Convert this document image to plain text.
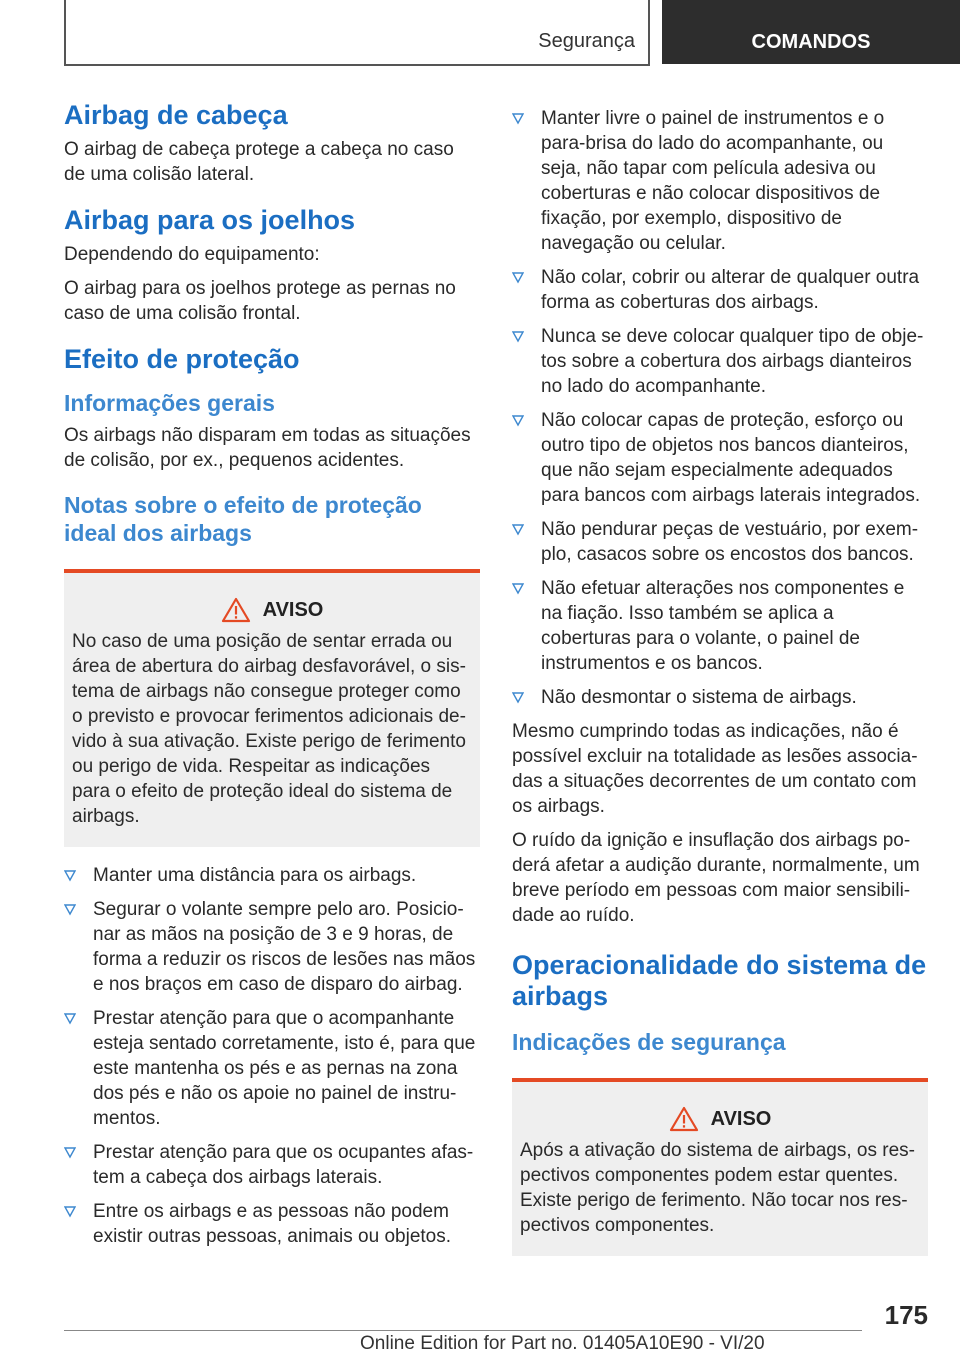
Segurança	COMANDOS
Airbag de cabeça

O airbag de cabeça protege a cabeça no caso de uma colisão lateral.

Airbag para os joelhos

Dependendo do equipamento:

O airbag para os joelhos protege as pernas no caso de uma colisão frontal.

Efeito de proteção
Informações gerais

Os airbags não disparam em todas as situações de colisão, por ex., pequenos acidentes.

Notas sobre o efeito de proteção ideal dos airbags
AVISO

No caso de uma posição de sentar errada ou área de abertura do airbag desfavorável, o sistema de airbags não consegue proteger como o previsto e provocar ferimentos adicionais devido à sua ativação. Existe perigo de ferimento ou perigo de vida. Respeitar as indicações para o efeito de proteção ideal do sistema de airbags.

Manter uma distância para os airbags.
Segurar o volante sempre pelo aro. Posicionar as mãos na posição de 3 e 9 horas, de forma a reduzir os riscos de lesões nas mãos e nos braços em caso de disparo do airbag.
Prestar atenção para que o acompanhante esteja sentado corretamente, isto é, para que este mantenha os pés e as pernas na zona dos pés e não os apoie no painel de instrumentos.
Prestar atenção para que os ocupantes afastem a cabeça dos airbags laterais.
Entre os airbags e as pessoas não podem existir outras pessoas, animais ou objetos.
Manter livre o painel de instrumentos e o para-brisa do lado do acompanhante, ou seja, não tapar com película adesiva ou coberturas e não colocar dispositivos de fixação, por exemplo, dispositivo de navegação ou celular.
Não colar, cobrir ou alterar de qualquer outra forma as coberturas dos airbags.
Nunca se deve colocar qualquer tipo de objetos sobre a cobertura dos airbags dianteiros no lado do acompanhante.
Não colocar capas de proteção, esforço ou outro tipo de objetos nos bancos dianteiros, que não sejam especialmente adequados para bancos com airbags laterais integrados.
Não pendurar peças de vestuário, por exemplo, casacos sobre os encostos dos bancos.
Não efetuar alterações nos componentes e na fiação. Isso também se aplica a coberturas para o volante, o painel de instrumentos e os bancos.
Não desmontar o sistema de airbags.

Mesmo cumprindo todas as indicações, não é possível excluir na totalidade as lesões associadas a situações decorrentes de um contato com os airbags.

O ruído da ignição e insuflação dos airbags poderá afetar a audição durante, normalmente, um breve período em pessoas com maior sensibilidade ao ruído.

Operacionalidade do sistema de airbags
Indicações de segurança
AVISO

Após a ativação do sistema de airbags, os respectivos componentes podem estar quentes. Existe perigo de ferimento. Não tocar nos respectivos componentes.

175
Online Edition for Part no. 01405A10E90 - VI/20
